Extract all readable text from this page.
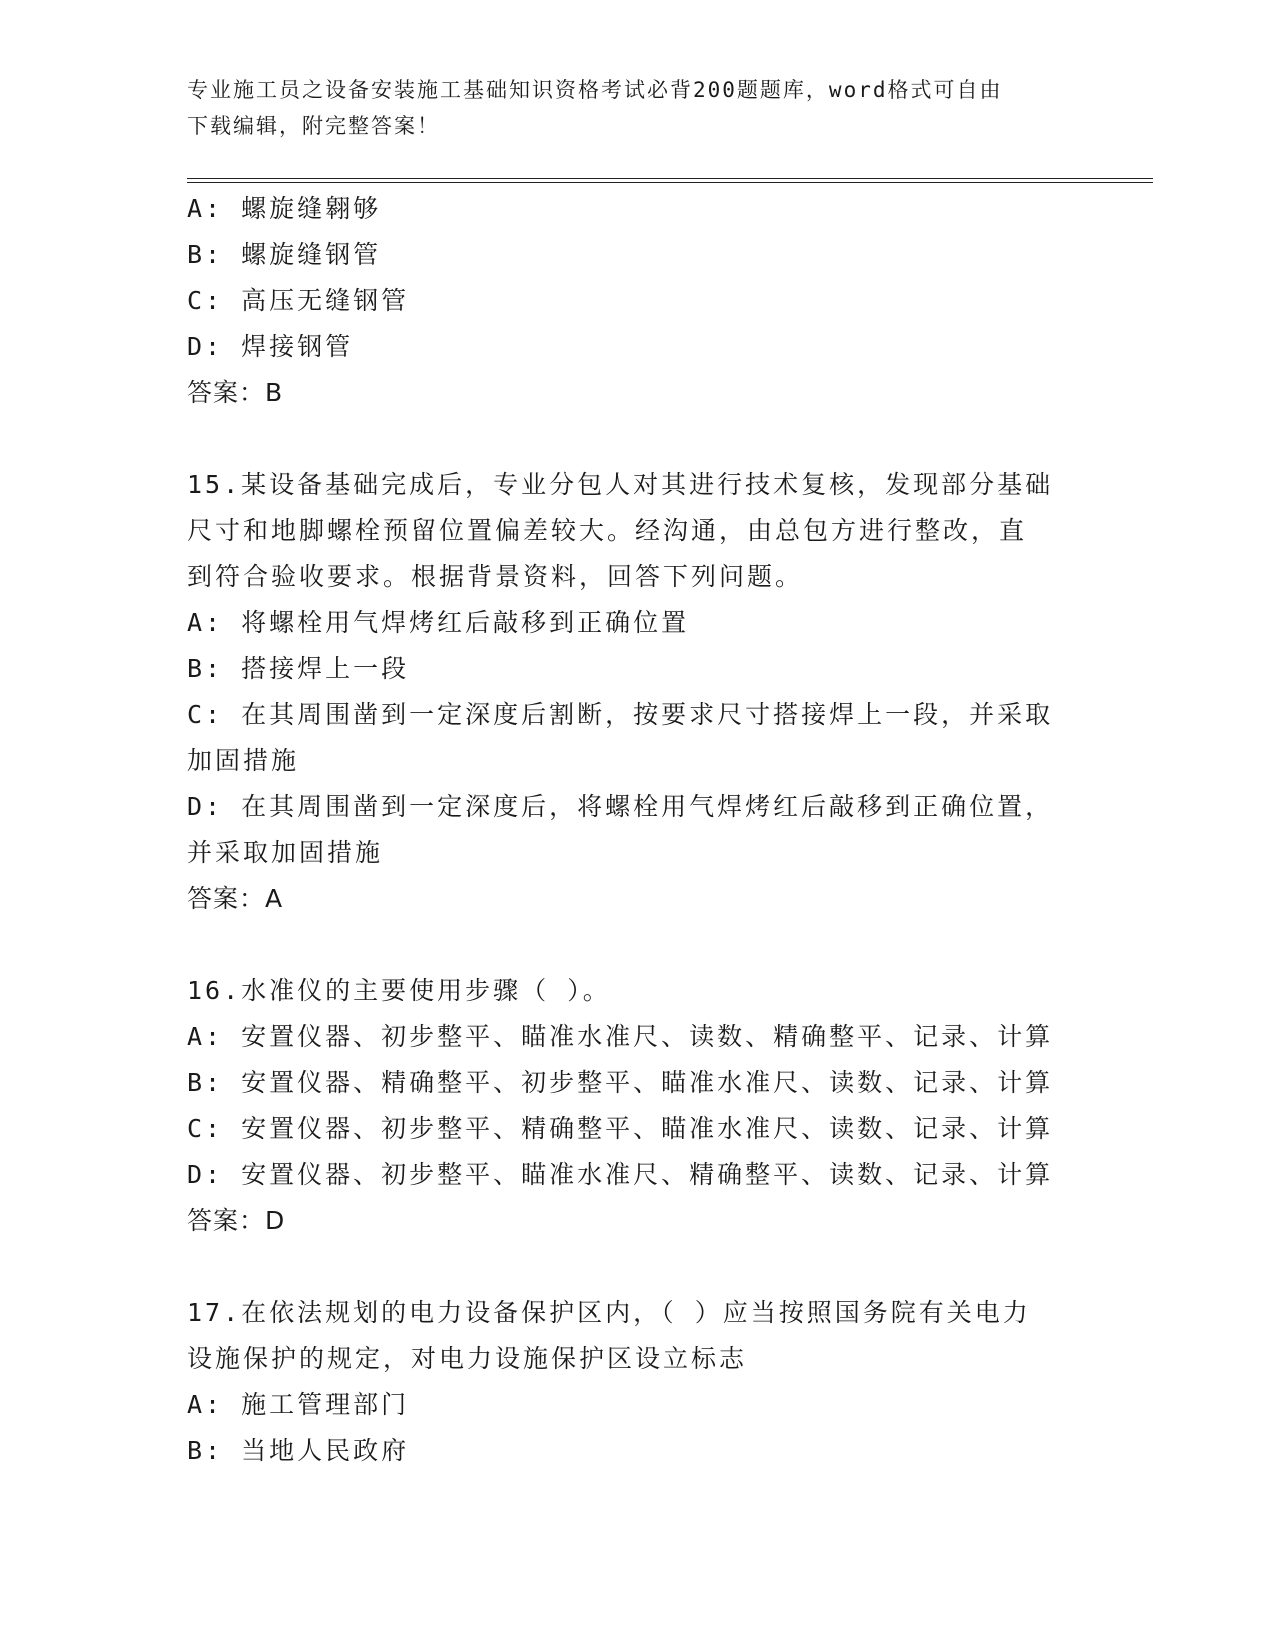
专业施工员之设备安装施工基础知识资格考试必背200题题库，word格式可自由
下载编辑，附完整答案！

A: 螺旋缝翱够

B: 螺旋缝钢管

C: 高压无缝钢管

D: 焊接钢管

答案：B

15.某设备基础完成后，专业分包人对其进行技术复核，发现部分基础

尺寸和地脚螺栓预留位置偏差较大。经沟通，由总包方进行整改，直

到符合验收要求。根据背景资料，回答下列问题。

A: 将螺栓用气焊烤红后敲移到正确位置

B: 搭接焊上一段

C: 在其周围凿到一定深度后割断，按要求尺寸搭接焊上一段，并采取

加固措施

D: 在其周围凿到一定深度后，将螺栓用气焊烤红后敲移到正确位置，

并采取加固措施

答案：A

16.水准仪的主要使用步骤（ ）。

A: 安置仪器、初步整平、瞄准水准尺、读数、精确整平、记录、计算

B: 安置仪器、精确整平、初步整平、瞄准水准尺、读数、记录、计算

C: 安置仪器、初步整平、精确整平、瞄准水准尺、读数、记录、计算

D: 安置仪器、初步整平、瞄准水准尺、精确整平、读数、记录、计算

答案：D

17.在依法规划的电力设备保护区内，（ ）应当按照国务院有关电力

设施保护的规定，对电力设施保护区设立标志

A: 施工管理部门

B: 当地人民政府
